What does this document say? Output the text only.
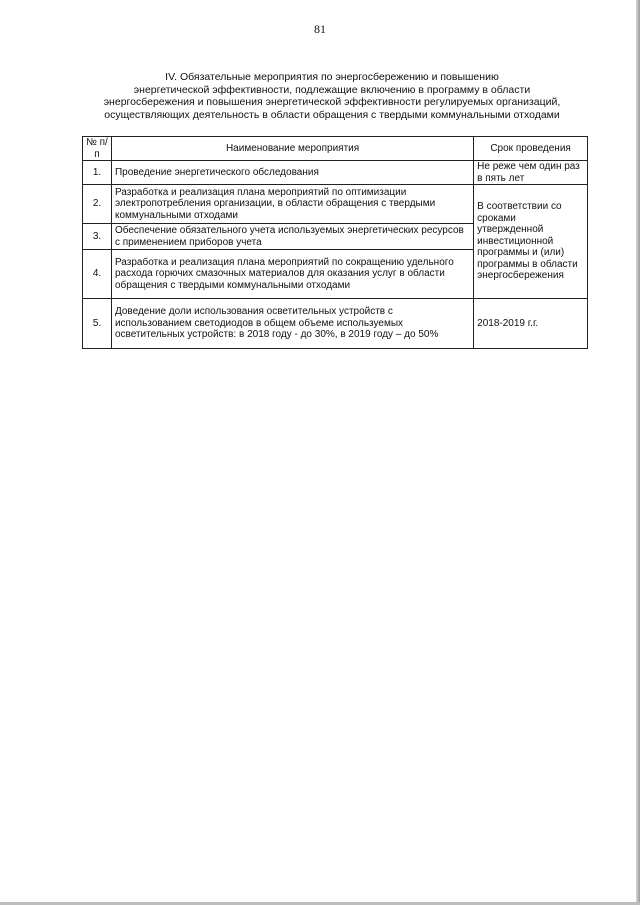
81
IV. Обязательные мероприятия по энергосбережению и повышению
энергетической эффективности, подлежащие включению в программу в области
энергосбережения и повышения энергетической эффективности регулируемых организаций,
осуществляющих деятельность в области обращения с твердыми коммунальными отходами
№ п/п	Наименование мероприятия	Срок проведения
1.	Проведение энергетического обследования	Не реже чем один раз в пять лет
2.	Разработка и реализация плана мероприятий по оптимизации электропотребления организации, в области обращения с твердыми коммунальными отходами	В соответствии со сроками утвержденной инвестиционной программы и (или) программы в области энергосбережения
3.	Обеспечение обязательного учета используемых энергетических ресурсов с применением приборов учета	
4.	Разработка и реализация плана мероприятий по сокращению удельного расхода горючих смазочных материалов для оказания услуг в области обращения с твердыми коммунальными отходами	
5.	Доведение доли использования осветительных устройств с использованием светодиодов в общем объеме используемых осветительных устройств: в 2018 году - до 30%, в 2019 году – до 50%	2018-2019 г.г.
